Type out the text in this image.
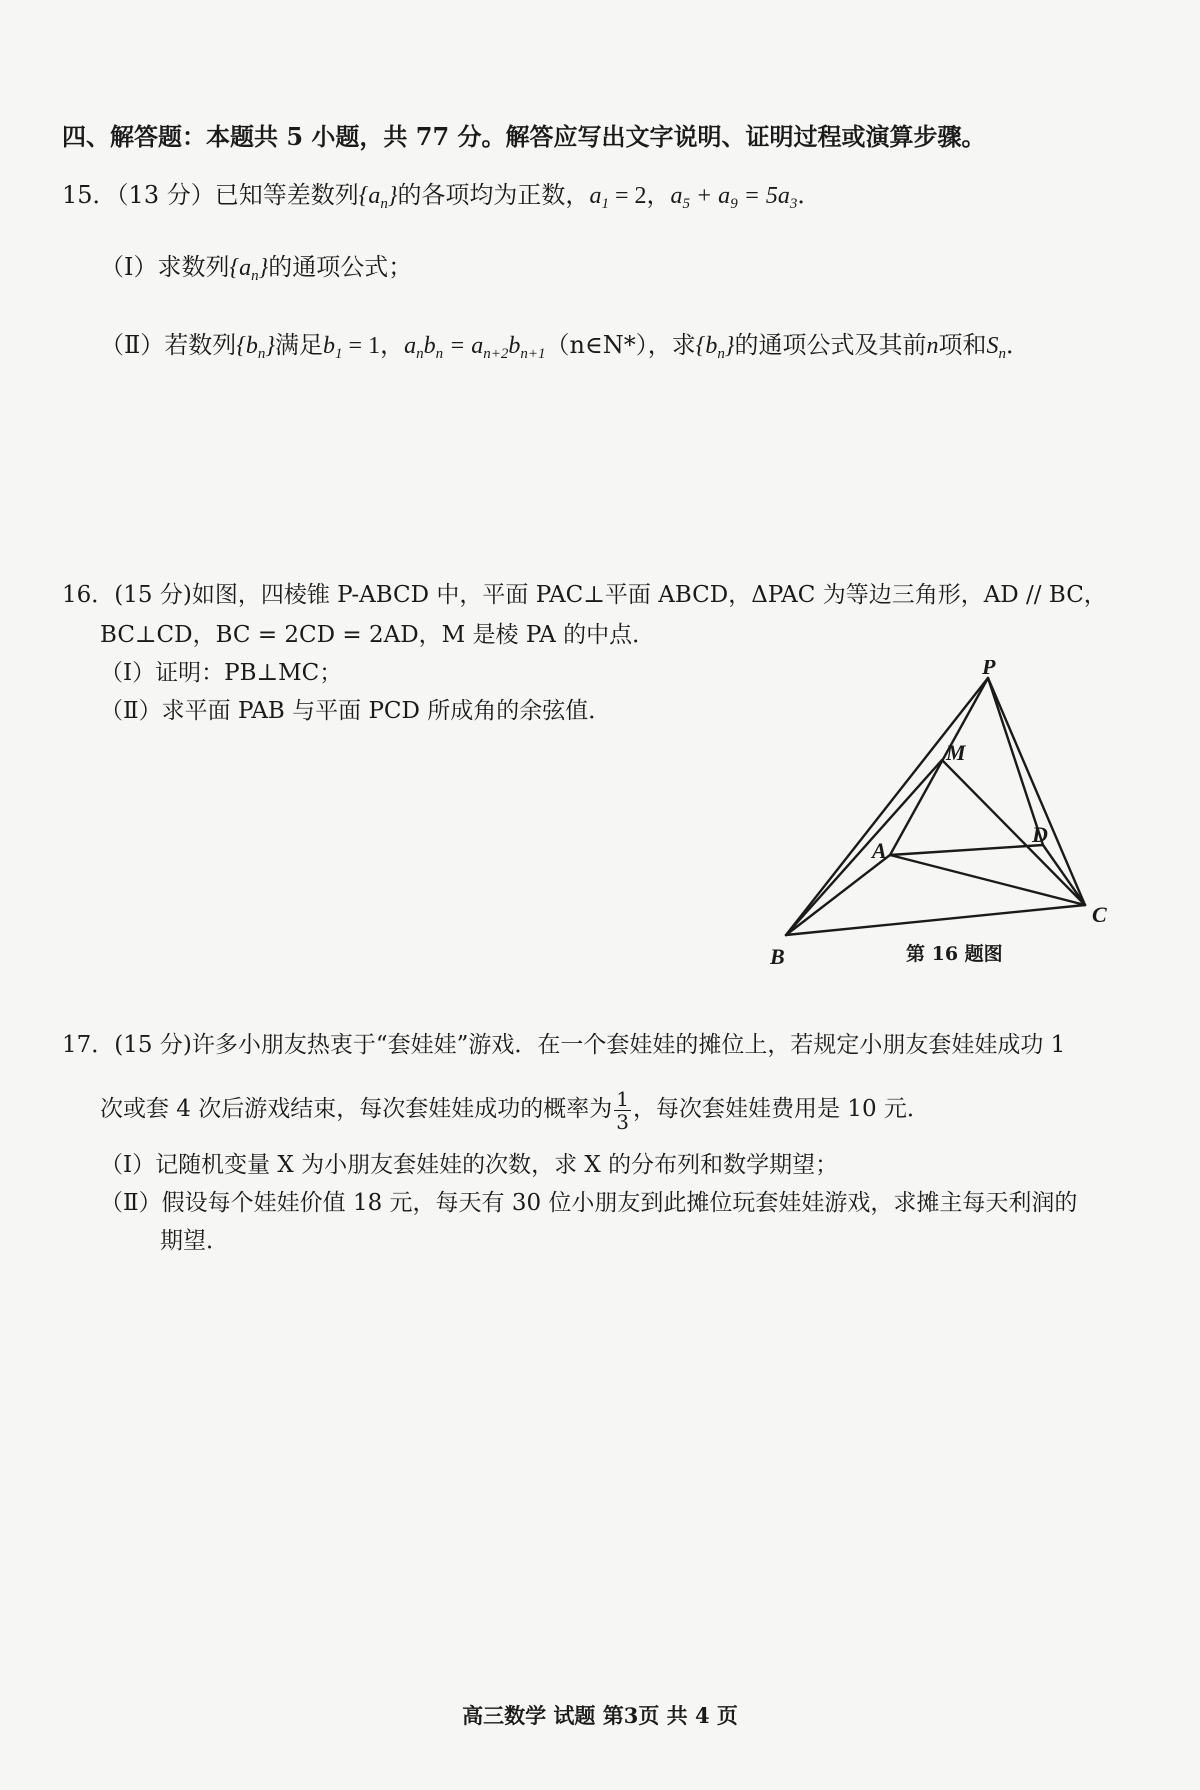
四、解答题：本题共 5 小题，共 77 分。解答应写出文字说明、证明过程或演算步骤。
15．（13 分）已知等差数列$\{a_n\}$的各项均为正数，$a_1 = 2$，$a_5 + a_9 = 5a_3$．
（Ⅰ）求数列$\{a_n\}$的通项公式；
（Ⅱ）若数列$\{b_n\}$满足$b_1 = 1$，$a_nb_n$ = $a_{n+2}b_{n+1}(n\in N*)$，求$\{b_n\}$的通项公式及其前n项和$S_n$．
16．(15 分)如图，四棱锥 P-ABCD 中，平面 PAC⊥平面 ABCD，ΔPAC 为等边三角形，AD // BC，
BC⊥CD，BC = 2CD = 2AD，M 是棱 PA 的中点．
（Ⅰ）证明：PB⊥MC；
（Ⅱ）求平面 PAB 与平面 PCD 所成角的余弦值．
P
M
A
D
B
C
第 16 题图
17．(15 分)许多小朋友热衷于“套娃娃”游戏．在一个套娃娃的摊位上，若规定小朋友套娃娃成功 1
次或套 4 次后游戏结束，每次套娃娃成功的概率为 $\frac{1}{3}$ ，每次套娃娃费用是 10 元．
（Ⅰ）记随机变量 X 为小朋友套娃娃的次数，求 X 的分布列和数学期望；
（Ⅱ）假设每个娃娃价值 18 元，每天有 30 位小朋友到此摊位玩套娃娃游戏，求摊主每天利润的
期望．
高三数学 试题 第3页 共 4 页
